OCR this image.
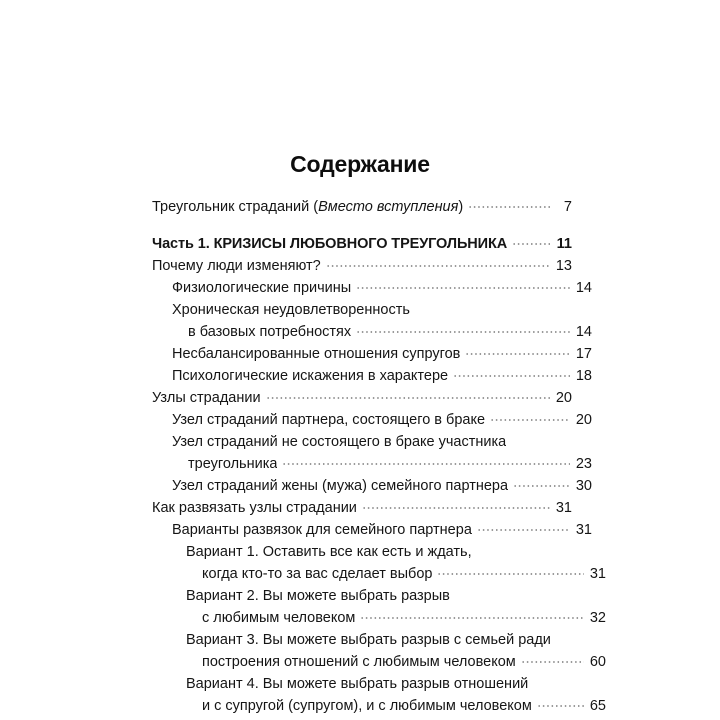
Содержание
Треугольник страданий (Вместо вступления)	7
Часть 1. КРИЗИСЫ ЛЮБОВНОГО ТРЕУГОЛЬНИКА	11
Почему люди изменяют?	13
Физиологические причины	14
Хроническая неудовлетворенность
в базовых потребностях	14
Несбалансированные отношения супругов	17
Психологические искажения в характере	18
Узлы страдании	20
Узел страданий партнера, состоящего в браке	20
Узел страданий не состоящего в браке участника
треугольника	23
Узел страданий жены (мужа) семейного партнера	30
Как развязать узлы страдании	31
Варианты развязок для семейного партнера	31
Вариант 1. Оставить все как есть и ждать,
когда кто-то за вас сделает выбор	31
Вариант 2. Вы можете выбрать разрыв
с любимым человеком	32
Вариант 3. Вы можете выбрать разрыв с семьей ради
построения отношений с любимым человеком	60
Вариант 4. Вы можете выбрать разрыв отношений
и с супругой (супругом), и с любимым человеком	65
